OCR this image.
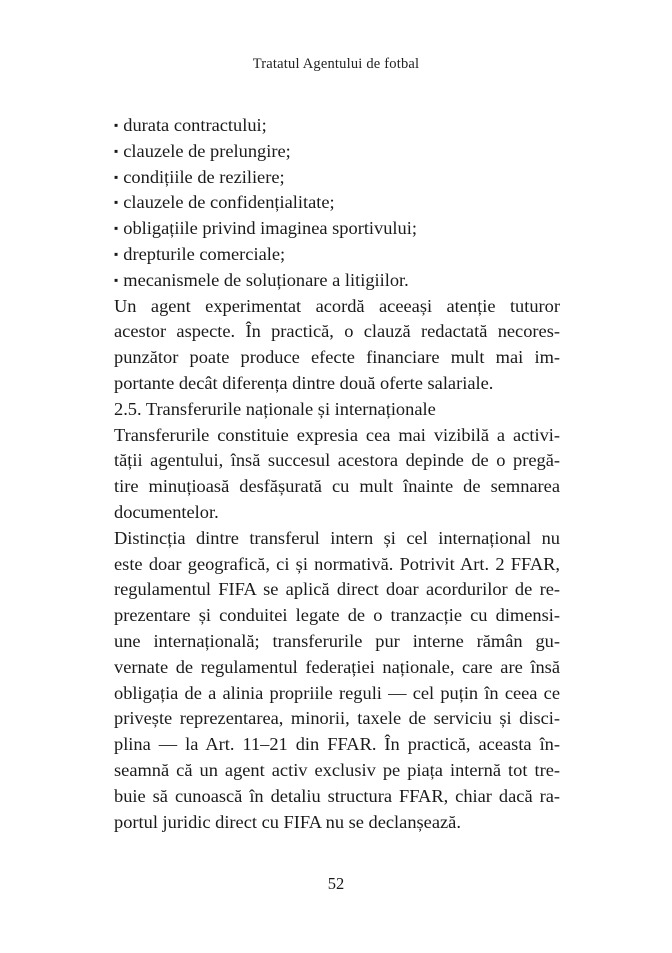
Tratatul Agentului de fotbal
▪ durata contractului;
▪ clauzele de prelungire;
▪ condițiile de reziliere;
▪ clauzele de confidențialitate;
▪ obligațiile privind imaginea sportivului;
▪ drepturile comerciale;
▪ mecanismele de soluționare a litigiilor.
Un agent experimentat acordă aceeași atenție tuturor
acestor aspecte. În practică, o clauză redactată necores-
punzător poate produce efecte financiare mult mai im-
portante decât diferența dintre două oferte salariale.
2.5. Transferurile naționale și internaționale
Transferurile constituie expresia cea mai vizibilă a activi-
tății agentului, însă succesul acestora depinde de o pregă-
tire minuțioasă desfășurată cu mult înainte de semnarea
documentelor.
Distincția dintre transferul intern și cel internațional nu
este doar geografică, ci și normativă. Potrivit Art. 2 FFAR,
regulamentul FIFA se aplică direct doar acordurilor de re-
prezentare și conduitei legate de o tranzacție cu dimensi-
une internațională; transferurile pur interne rămân gu-
vernate de regulamentul federației naționale, care are însă
obligația de a alinia propriile reguli — cel puțin în ceea ce
privește reprezentarea, minorii, taxele de serviciu și disci-
plina — la Art. 11–21 din FFAR. În practică, aceasta în-
seamnă că un agent activ exclusiv pe piața internă tot tre-
buie să cunoască în detaliu structura FFAR, chiar dacă ra-
portul juridic direct cu FIFA nu se declanșează.
52
